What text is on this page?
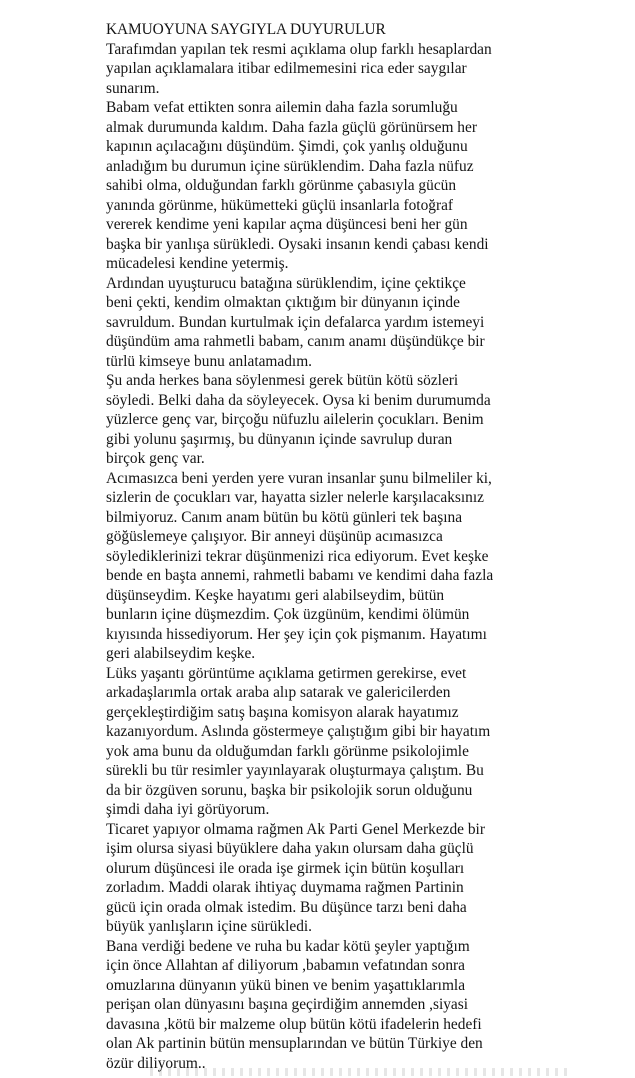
KAMUOYUNA SAYGIYLA DUYURULUR
Tarafımdan yapılan tek resmi açıklama olup farklı hesaplardan
yapılan açıklamalara itibar edilmemesini rica eder saygılar
sunarım.
Babam vefat ettikten sonra ailemin daha fazla sorumluğu
almak durumunda kaldım. Daha fazla güçlü görünürsem her
kapının açılacağını düşündüm. Şimdi, çok yanlış olduğunu
anladığım bu durumun içine sürüklendim. Daha fazla nüfuz
sahibi olma, olduğundan farklı görünme çabasıyla gücün
yanında görünme, hükümetteki güçlü insanlarla fotoğraf
vererek kendime yeni kapılar açma düşüncesi beni her gün
başka bir yanlışa sürükledi. Oysaki insanın kendi çabası kendi
mücadelesi kendine yetermiş.
Ardından uyuşturucu batağına sürüklendim, içine çektikçe
beni çekti, kendim olmaktan çıktığım bir dünyanın içinde
savruldum. Bundan kurtulmak için defalarca yardım istemeyi
düşündüm ama rahmetli babam, canım anamı düşündükçe bir
türlü kimseye bunu anlatamadım.
Şu anda herkes bana söylenmesi gerek bütün kötü sözleri
söyledi. Belki daha da söyleyecek. Oysa ki benim durumumda
yüzlerce genç var, birçoğu nüfuzlu ailelerin çocukları. Benim
gibi yolunu şaşırmış, bu dünyanın içinde savrulup duran
birçok genç var.
Acımasızca beni yerden yere vuran insanlar şunu bilmeliler ki,
sizlerin de çocukları var, hayatta sizler nelerle karşılacaksınız
bilmiyoruz. Canım anam bütün bu kötü günleri tek başına
göğüslemeye çalışıyor. Bir anneyi düşünüp acımasızca
söylediklerinizi tekrar düşünmenizi rica ediyorum. Evet keşke
bende en başta annemi, rahmetli babamı ve kendimi daha fazla
düşünseydim. Keşke hayatımı geri alabilseydim, bütün
bunların içine düşmezdim. Çok üzgünüm, kendimi ölümün
kıyısında hissediyorum. Her şey için çok pişmanım. Hayatımı
geri alabilseydim keşke.
Lüks yaşantı görüntüme açıklama getirmen gerekirse, evet
arkadaşlarımla ortak araba alıp satarak ve galericilerden
gerçekleştirdiğim satış başına komisyon alarak hayatımız
kazanıyordum. Aslında göstermeye çalıştığım gibi bir hayatım
yok ama bunu da olduğumdan farklı görünme psikolojimle
sürekli bu tür resimler yayınlayarak oluşturmaya çalıştım. Bu
da bir özgüven sorunu, başka bir psikolojik sorun olduğunu
şimdi daha iyi görüyorum.
Ticaret yapıyor olmama rağmen Ak Parti Genel Merkezde bir
işim olursa siyasi büyüklere daha yakın olursam daha güçlü
olurum düşüncesi ile orada işe girmek için bütün koşulları
zorladım. Maddi olarak ihtiyaç duymama rağmen Partinin
gücü için orada olmak istedim. Bu düşünce tarzı beni daha
büyük yanlışların içine sürükledi.
Bana verdiği bedene ve ruha bu kadar kötü şeyler yaptığım
için önce Allahtan af diliyorum ,babamın vefatından sonra
omuzlarına dünyanın yükü binen ve benim yaşattıklarımla
perişan olan dünyasını başına geçirdiğim annemden ,siyasi
davasına ,kötü bir malzeme olup bütün kötü ifadelerin hedefi
olan Ak partinin bütün mensuplarından ve bütün Türkiye den
özür diliyorum..
